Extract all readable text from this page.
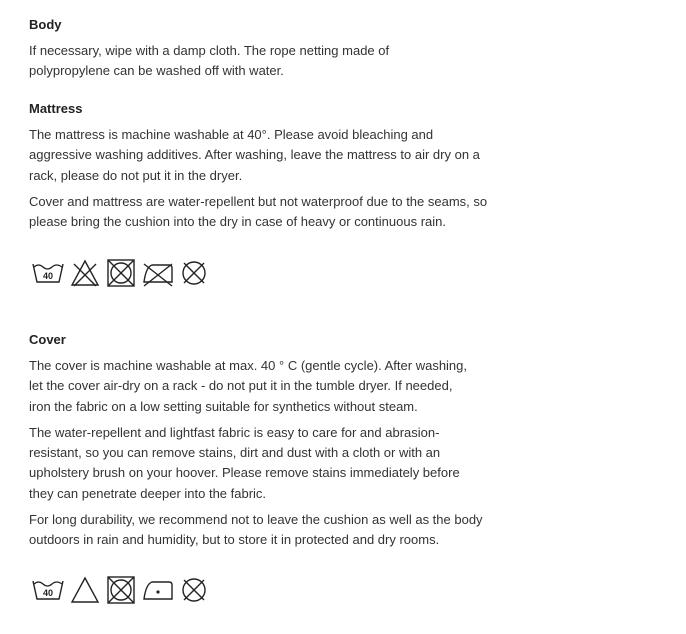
Body

If necessary, wipe with a damp cloth. The rope netting made of polypropylene can be washed off with water.

Mattress

The mattress is machine washable at 40°. Please avoid bleaching and aggressive washing additives. After washing, leave the mattress to air dry on a rack, please do not put it in the dryer.

Cover and mattress are water-repellent but not waterproof due to the seams, so please bring the cushion into the dry in case of heavy or continuous rain.

40
Cover

The cover is machine washable at max. 40 ° C (gentle cycle). After washing, let the cover air-dry on a rack - do not put it in the tumble dryer. If needed, iron the fabric on a low setting suitable for synthetics without steam.

The water-repellent and lightfast fabric is easy to care for and abrasion-resistant, so you can remove stains, dirt and dust with a cloth or with an upholstery brush on your hoover. Please remove stains immediately before they can penetrate deeper into the fabric.

For long durability, we recommend not to leave the cushion as well as the body outdoors in rain and humidity, but to store it in protected and dry rooms.

40
